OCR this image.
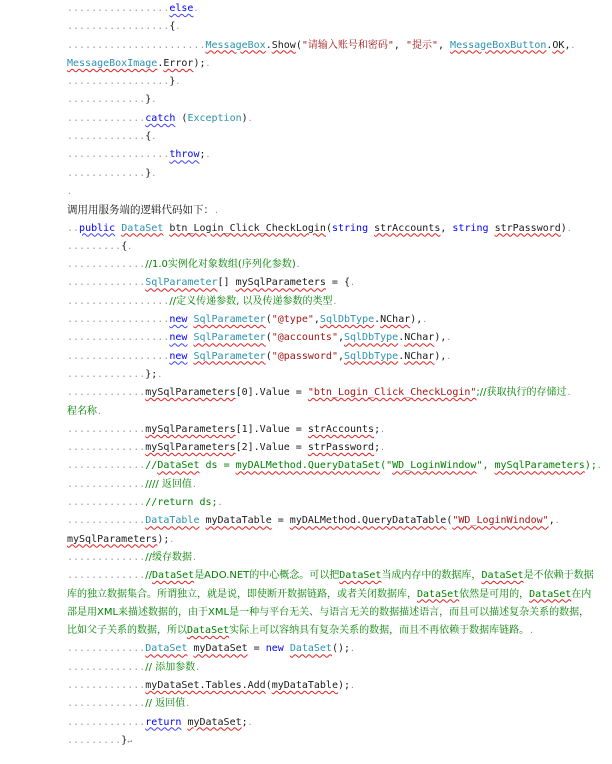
.................else.
.................{.
.......................MessageBox.Show("请输入账号和密码", "提示", MessageBoxButton.OK,.
MessageBoxImage.Error);.
.................}.
.............}.
.............catch (Exception).
.............{.
.................throw;.
.............}.
.
调用用服务端的逻辑代码如下：.
..public DataSet btn_Login_Click_CheckLogin(string strAccounts, string strPassword).
.........{.
.............//1.0实例化对象数组(序列化参数).
.............SqlParameter[] mySqlParameters = {.
.................//定义传递参数, 以及传递参数的类型.
.................new SqlParameter("@type",SqlDbType.NChar),.
.................new SqlParameter("@accounts",SqlDbType.NChar),.
.................new SqlParameter("@password",SqlDbType.NChar),.
.............};.
.............mySqlParameters[0].Value = "btn_Login_Click_CheckLogin";//获取执行的存储过.
程名称.
.............mySqlParameters[1].Value = strAccounts;.
.............mySqlParameters[2].Value = strPassword;.
.............//DataSet ds = myDALMethod.QueryDataSet("WD_LoginWindow", mySqlParameters);.
.............//// 返回值.
.............//return ds;.
.............DataTable myDataTable = myDALMethod.QueryDataTable("WD_LoginWindow",.
mySqlParameters);.
.............//缓存数据.
.............//DataSet是ADO.NET的中心概念。可以把DataSet当成内存中的数据库，DataSet是不依赖于数据库的独立数据集合。所谓独立，就是说，即使断开数据链路，或者关闭数据库，DataSet依然是可用的，DataSet在内部是用XML来描述数据的，由于XML是一种与平台无关、与语言无关的数据描述语言，而且可以描述复杂关系的数据，比如父子关系的数据，所以DataSet实际上可以容纳具有复杂关系的数据，而且不再依赖于数据库链路。.
.............DataSet myDataSet = new DataSet();.
.............// 添加参数.
.............myDataSet.Tables.Add(myDataTable);.
.............// 返回值.
.............return myDataSet;.
.........}↵
